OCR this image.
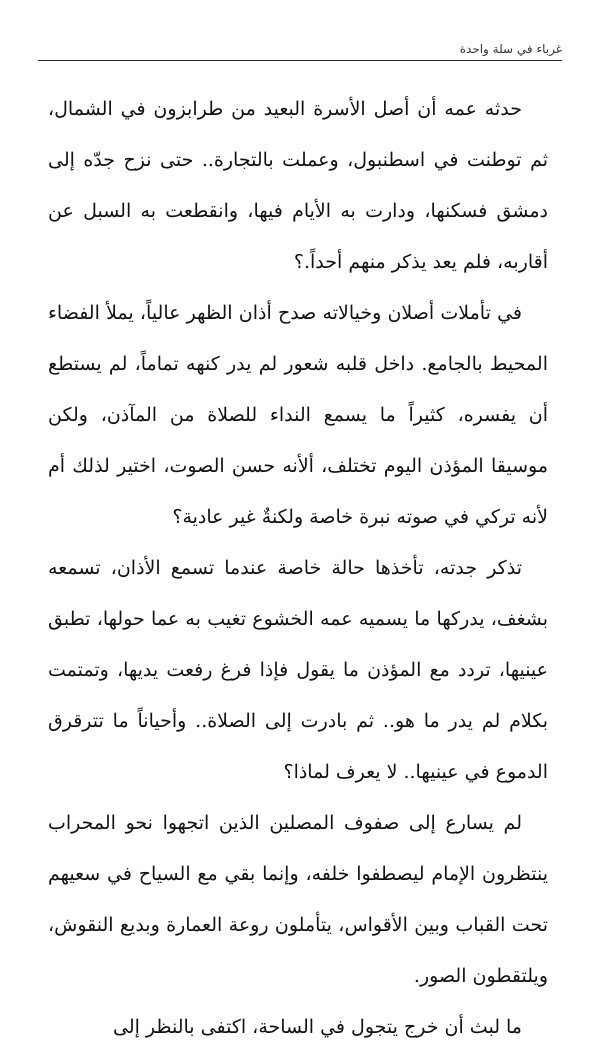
غرباء في سلة واحدة

حدثه عمه أن أصل الأسرة البعيد من طرابزون في الشمال، ثم توطنت في اسطنبول، وعملت بالتجارة.. حتى نزح جدّه إلى دمشق فسكنها، ودارت به الأيام فيها، وانقطعت به السبل عن أقاربه، فلم يعد يذكر منهم أحداً.؟

في تأملات أصلان وخيالاته صدح أذان الظهر عالياً، يملأ الفضاء المحيط بالجامع. داخل قلبه شعور لم يدر كنهه تماماً، لم يستطع أن يفسره، كثيراً ما يسمع النداء للصلاة من المآذن، ولكن موسيقا المؤذن اليوم تختلف، ألأنه حسن الصوت، اختير لذلك أم لأنه تركي في صوته نبرة خاصة ولكنةٌ غير عادية؟

تذكر جدته، تأخذها حالة خاصة عندما تسمع الأذان، تسمعه بشغف، يدركها ما يسميه عمه الخشوع تغيب به عما حولها، تطبق عينيها، تردد مع المؤذن ما يقول فإذا فرغ رفعت يديها، وتمتمت بكلام لم يدر ما هو.. ثم بادرت إلى الصلاة.. وأحياناً ما تترقرق الدموع في عينيها.. لا يعرف لماذا؟

لم يسارع إلى صفوف المصلين الذين اتجهوا نحو المحراب ينتظرون الإمام ليصطفوا خلفه، وإنما بقي مع السياح في سعيهم تحت القباب وبين الأقواس، يتأملون روعة العمارة وبديع النقوش، ويلتقطون الصور.

ما لبث أن خرج يتجول في الساحة، اكتفى بالنظر إلى
